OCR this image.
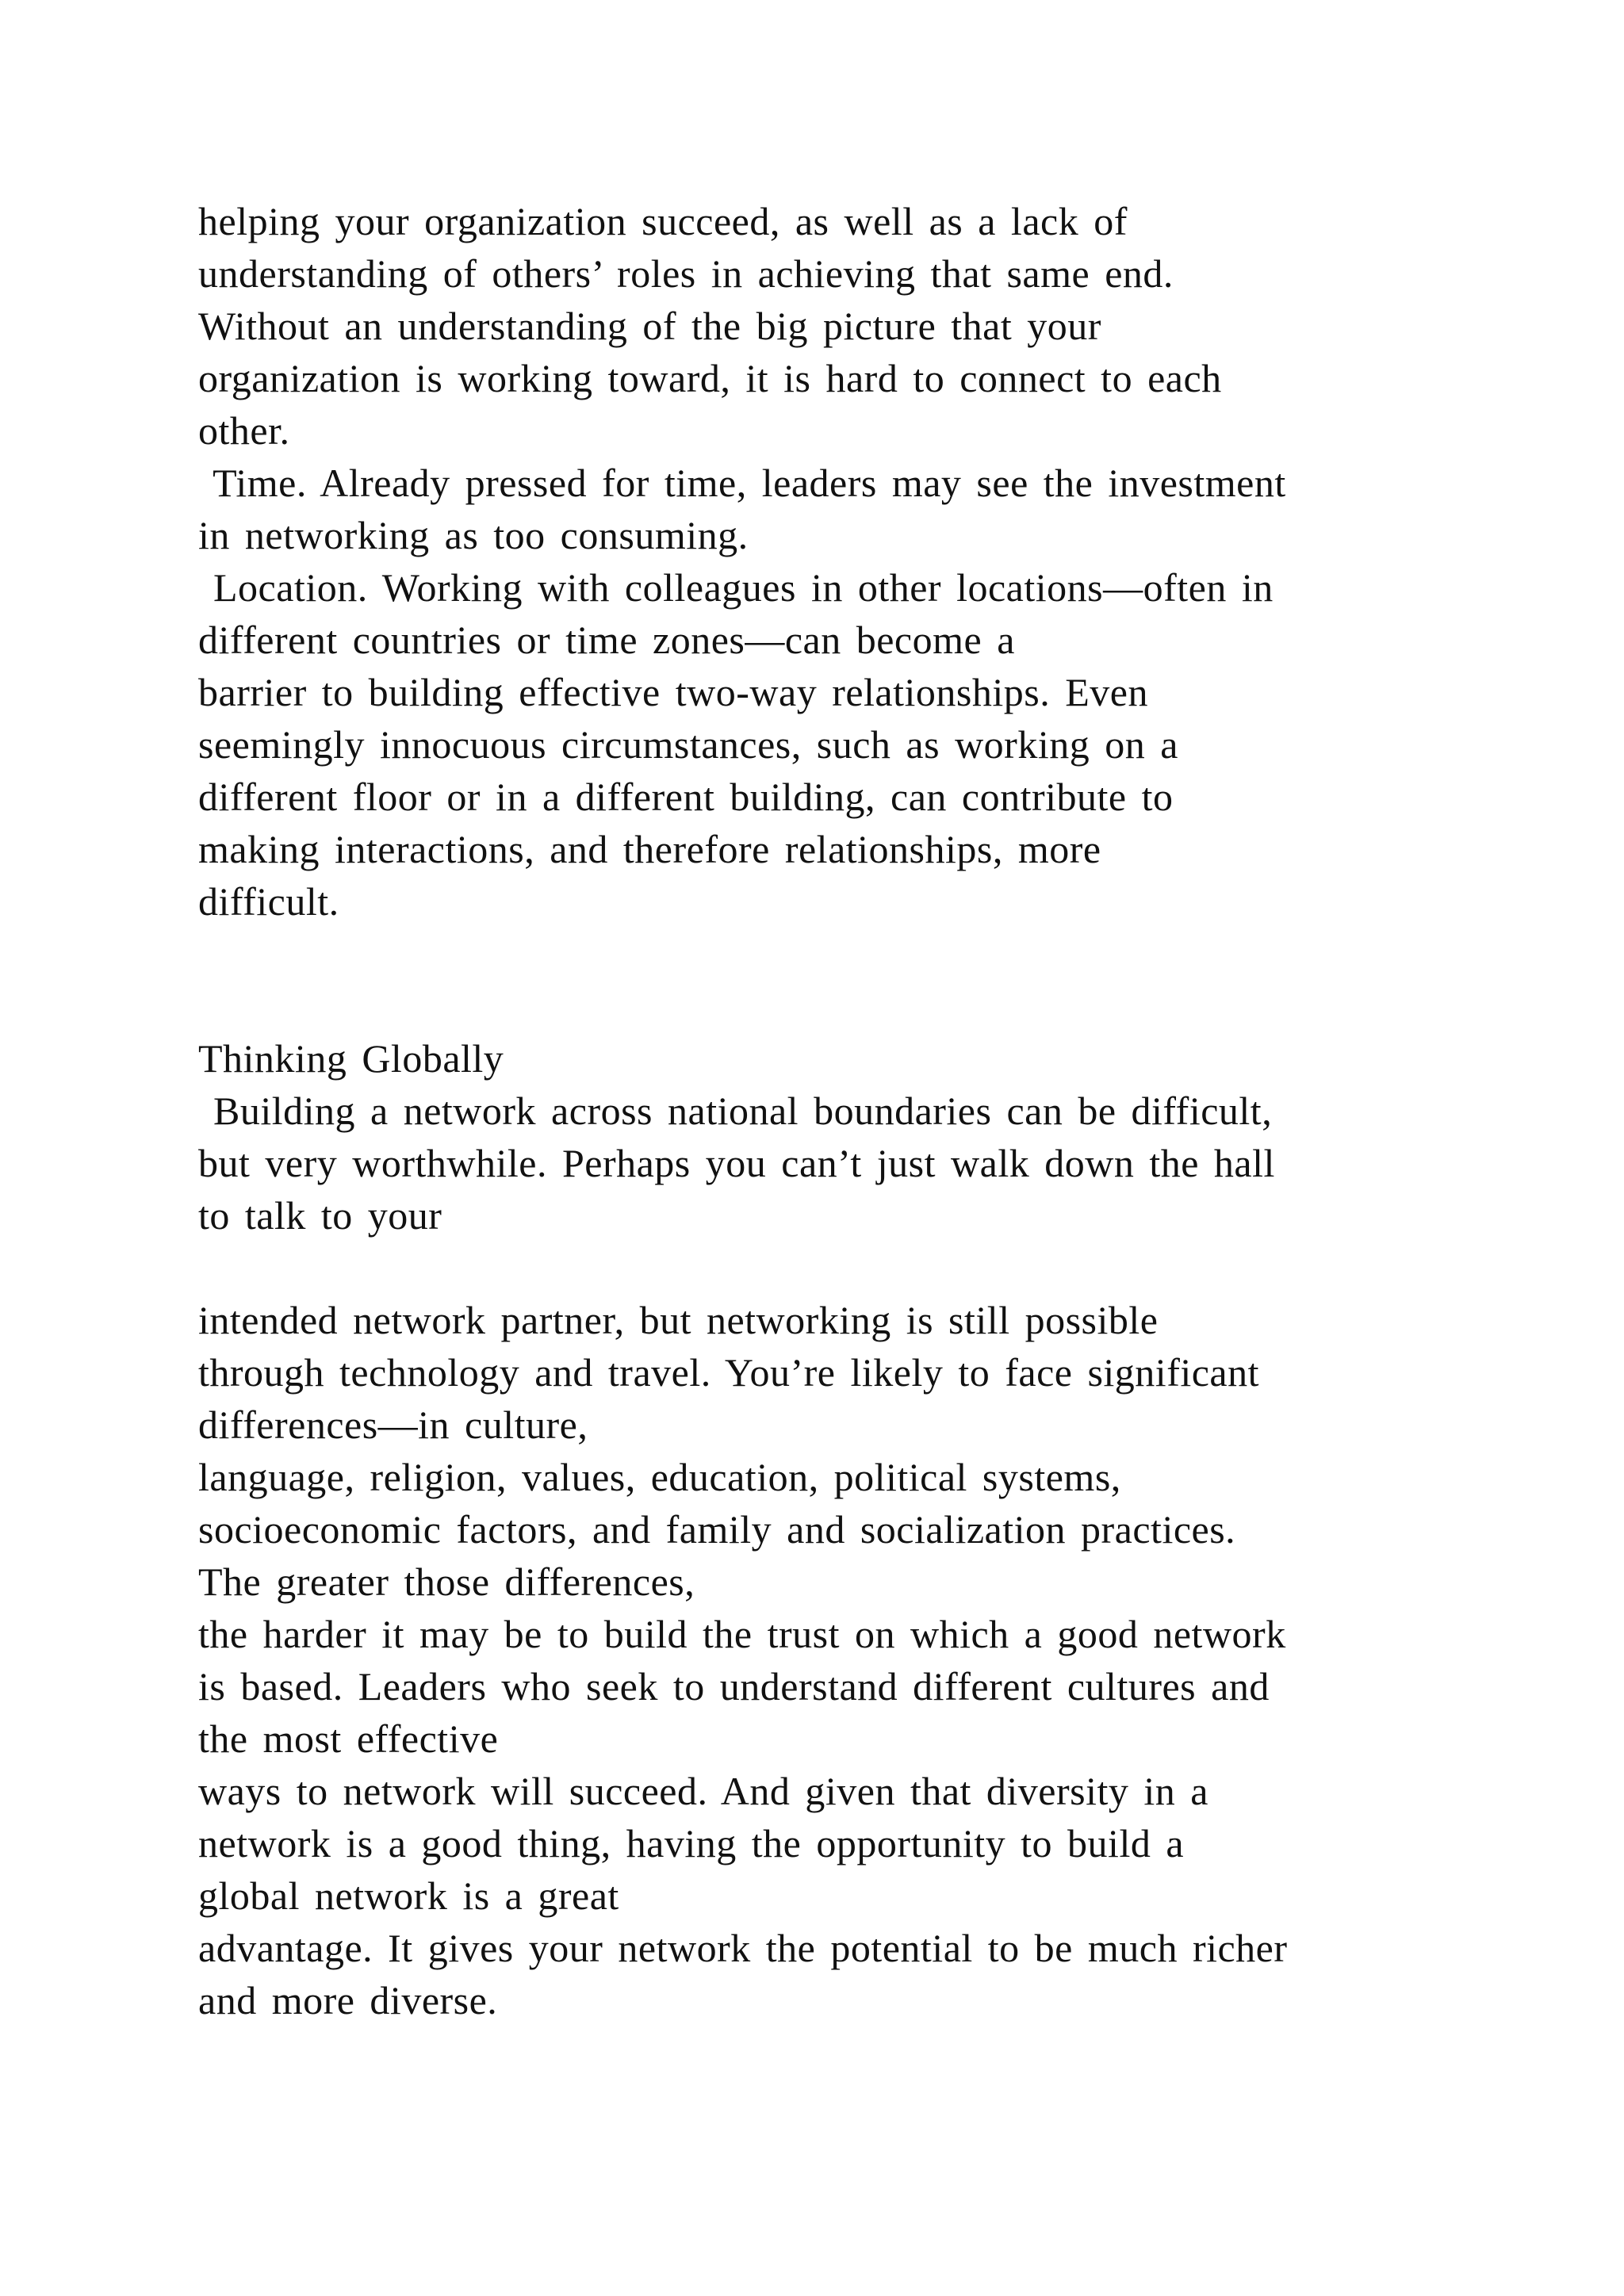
helping your organization succeed, as well as a lack of
understanding of others’ roles in achieving that same end.
Without an understanding of the big picture that your
organization is working toward, it is hard to connect to each
other.
Time. Already pressed for time, leaders may see the investment
in networking as too consuming.
Location. Working with colleagues in other locations—often in
different countries or time zones—can become a
barrier to building effective two-way relationships. Even
seemingly innocuous circumstances, such as working on a
different floor or in a different building, can contribute to
making interactions, and therefore relationships, more
difficult.
Thinking Globally
Building a network across national boundaries can be difficult,
but very worthwhile. Perhaps you can’t just walk down the hall
to talk to your
intended network partner, but networking is still possible
through technology and travel. You’re likely to face significant
differences—in culture,
language, religion, values, education, political systems,
socioeconomic factors, and family and socialization practices.
The greater those differences,
the harder it may be to build the trust on which a good network
is based. Leaders who seek to understand different cultures and
the most effective
ways to network will succeed. And given that diversity in a
network is a good thing, having the opportunity to build a
global network is a great
advantage. It gives your network the potential to be much richer
and more diverse.
